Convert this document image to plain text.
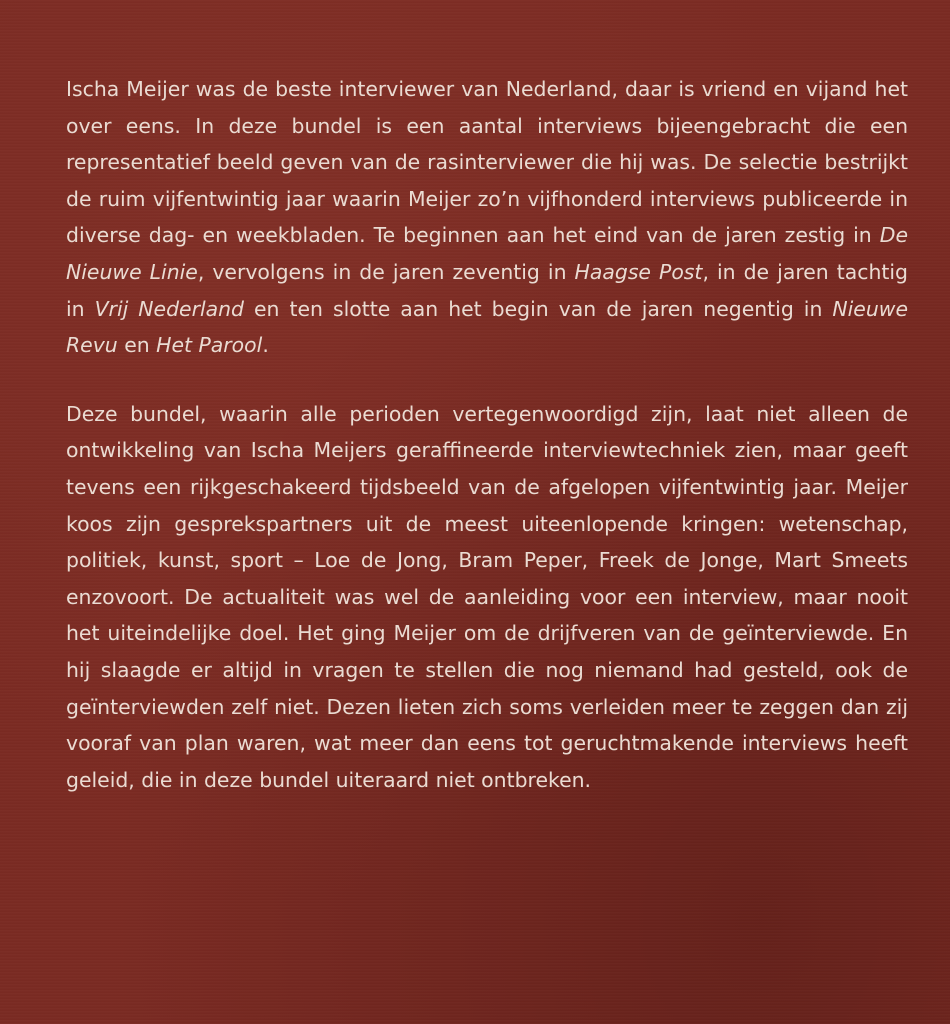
Ischa Meijer was de beste interviewer van Nederland, daar is vriend en vijand het over eens. In deze bundel is een aantal interviews bijeengebracht die een representatief beeld geven van de rasinterviewer die hij was. De selectie bestrijkt de ruim vijfentwintig jaar waarin Meijer zo’n vijfhonderd interviews publiceerde in diverse dag- en weekbladen. Te beginnen aan het eind van de jaren zestig in De Nieuwe Linie, vervolgens in de jaren zeventig in Haagse Post, in de jaren tachtig in Vrij Nederland en ten slotte aan het begin van de jaren negentig in Nieuwe Revu en Het Parool.

Deze bundel, waarin alle perioden vertegenwoordigd zijn, laat niet alleen de ontwikkeling van Ischa Meijers geraffineerde interviewtechniek zien, maar geeft tevens een rijkgeschakeerd tijdsbeeld van de afgelopen vijfentwintig jaar. Meijer koos zijn gesprekspartners uit de meest uiteenlopende kringen: wetenschap, politiek, kunst, sport – Loe de Jong, Bram Peper, Freek de Jonge, Mart Smeets enzovoort. De actualiteit was wel de aanleiding voor een interview, maar nooit het uiteindelijke doel. Het ging Meijer om de drijfveren van de geïnterviewde. En hij slaagde er altijd in vragen te stellen die nog niemand had gesteld, ook de geïnterviewden zelf niet. Dezen lieten zich soms verleiden meer te zeggen dan zij vooraf van plan waren, wat meer dan eens tot geruchtmakende interviews heeft geleid, die in deze bundel uiteraard niet ontbreken.
